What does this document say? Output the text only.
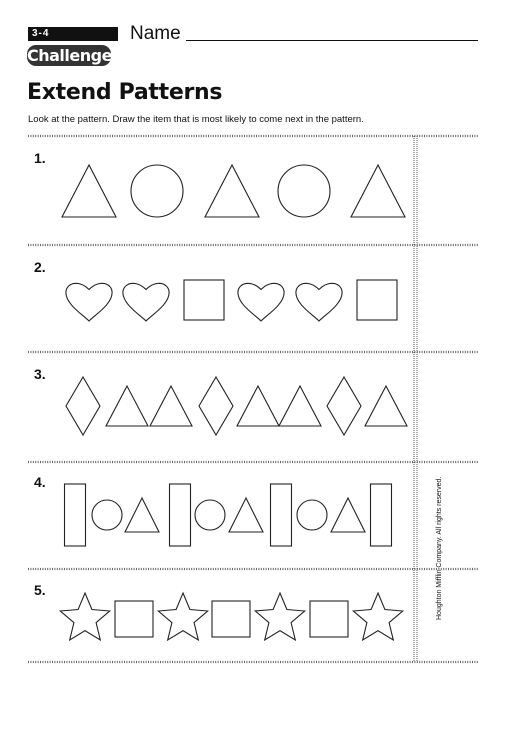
3-4	Name
Challenge
Extend Patterns
Look at the pattern. Draw the item that is most likely to come next in the pattern.
1.
2.
3.
4.
5.	Houghton Mifflin Company. All rights reserved.
